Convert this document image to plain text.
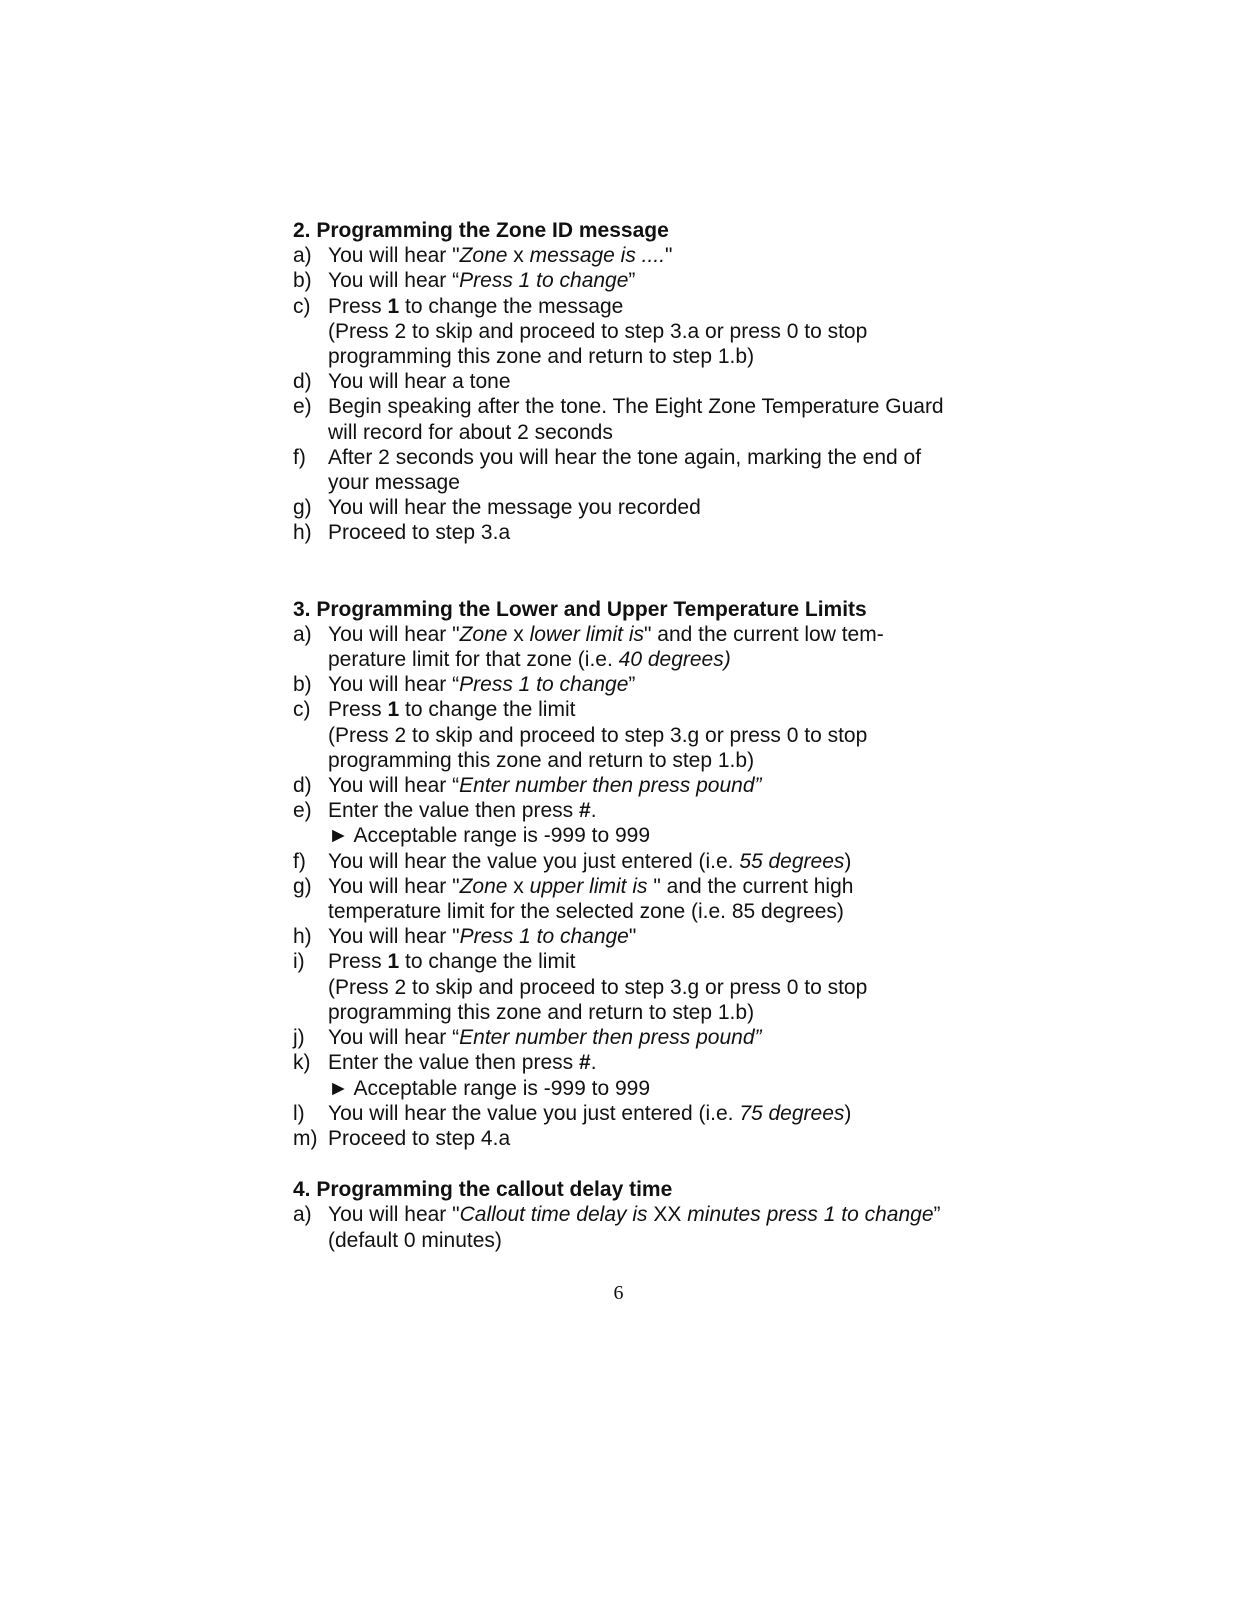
2. Programming the Zone ID message
a) You will hear "Zone x message is ...."
b) You will hear “Press 1 to change”
c) Press 1 to change the message
(Press 2 to skip and proceed to step 3.a or press 0 to stop programming this zone and return to step 1.b)
d) You will hear a tone
e) Begin speaking after the tone. The Eight Zone Temperature Guard will record for about 2 seconds
f)	After 2 seconds you will hear the tone again, marking the end of your message
g) You will hear the message you recorded
h) Proceed to step 3.a
3. Programming the Lower and Upper Temperature Limits
a) You will hear "Zone x lower limit is" and the current low tem-perature limit for that zone (i.e. 40 degrees)
b) You will hear “Press 1 to change”
c) Press 1 to change the limit
(Press 2 to skip and proceed to step 3.g or press 0 to stop programming this zone and return to step 1.b)
d) You will hear “Enter number then press pound”
e) Enter the value then press #.
► Acceptable range is -999 to 999
f)	You will hear the value you just entered (i.e. 55 degrees)
g) You will hear "Zone x upper limit is " and the current high temperature limit for the selected zone (i.e. 85 degrees)
h) You will hear "Press 1 to change"
i)	Press 1 to change the limit
(Press 2 to skip and proceed to step 3.g or press 0 to stop programming this zone and return to step 1.b)
j)	You will hear “Enter number then press pound”
k) Enter the value then press #.
► Acceptable range is -999 to 999
l)	You will hear the value you just entered (i.e. 75 degrees)
m) Proceed to step 4.a
4. Programming the callout delay time
a) You will hear "Callout time delay is XX minutes press 1 to change” (default 0 minutes)
6
